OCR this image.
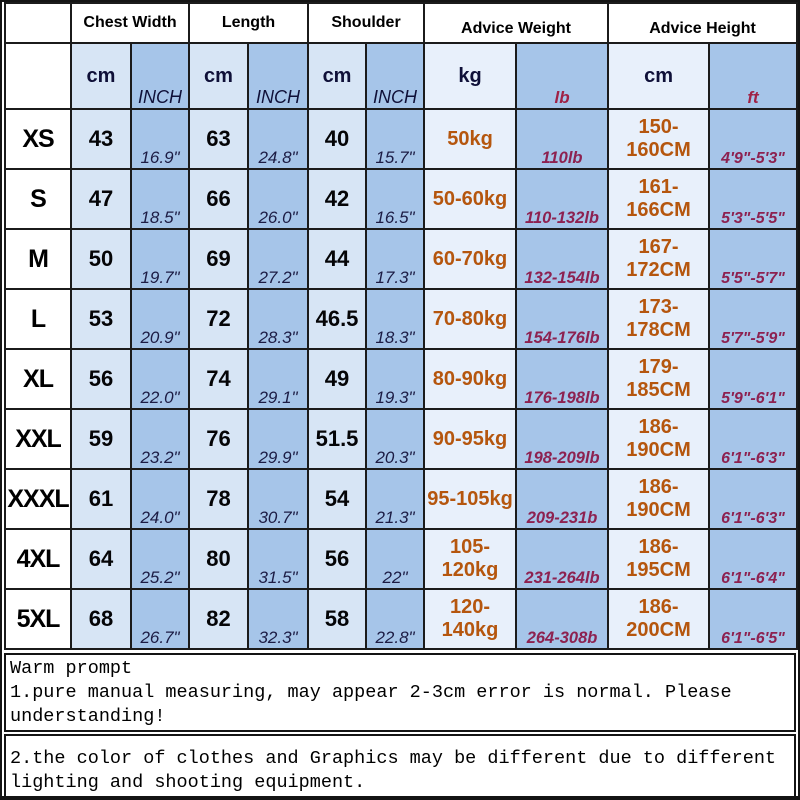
	Chest Width		Length		Shoulder		Advice Weight		Advice Height	
	cm	INCH	cm	INCH	cm	INCH	kg	lb	cm	ft
XS	43	16.9"	63	24.8"	40	15.7"	50kg	110lb	150-160CM	4'9"-5'3"
S	47	18.5"	66	26.0"	42	16.5"	50-60kg	110-132lb	161-166CM	5'3"-5'5"
M	50	19.7"	69	27.2"	44	17.3"	60-70kg	132-154lb	167-172CM	5'5"-5'7"
L	53	20.9"	72	28.3"	46.5	18.3"	70-80kg	154-176lb	173-178CM	5'7"-5'9"
XL	56	22.0"	74	29.1"	49	19.3"	80-90kg	176-198lb	179-185CM	5'9"-6'1"
XXL	59	23.2"	76	29.9"	51.5	20.3"	90-95kg	198-209lb	186-190CM	6'1"-6'3"
XXXL	61	24.0"	78	30.7"	54	21.3"	95-105kg	209-231b	186-190CM	6'1"-6'3"
4XL	64	25.2"	80	31.5"	56	22"	105-120kg	231-264lb	186-195CM	6'1"-6'4"
5XL	68	26.7"	82	32.3"	58	22.8"	120-140kg	264-308b	186-200CM	6'1"-6'5"
Warm prompt
1.pure manual measuring, may appear 2-3cm error is normal. Please
understanding!
2.the color of clothes and Graphics may be different due to different
lighting and shooting equipment.
